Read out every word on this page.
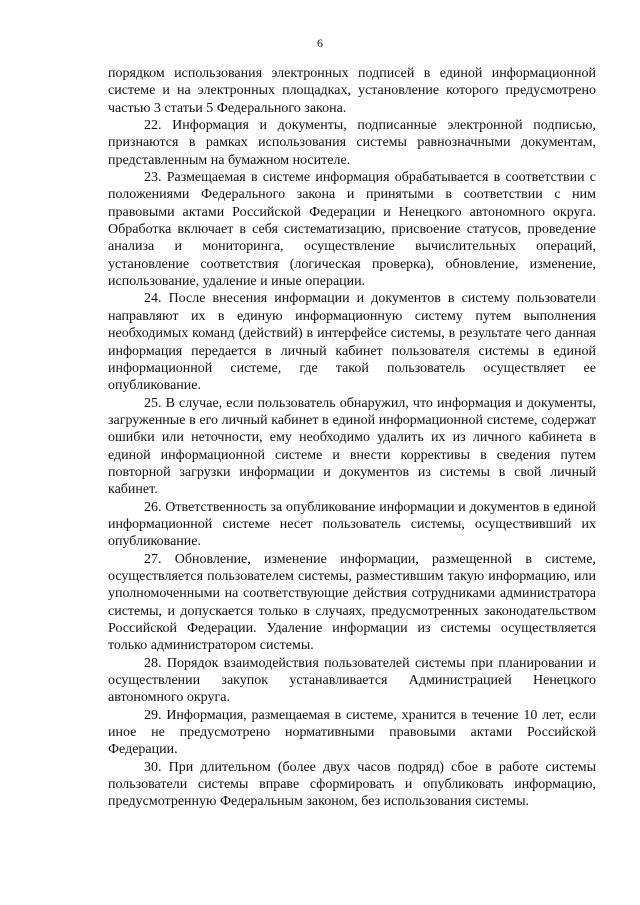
6

порядком использования электронных подписей в единой информационной системе и на электронных площадках, установление которого предусмотрено частью 3 статьи 5 Федерального закона.

22. Информация и документы, подписанные электронной подписью, признаются в рамках использования системы равнозначными документам, представленным на бумажном носителе.

23. Размещаемая в системе информация обрабатывается в соответствии с положениями Федерального закона и принятыми в соответствии с ним правовыми актами Российской Федерации и Ненецкого автономного округа. Обработка включает в себя систематизацию, присвоение статусов, проведение анализа и мониторинга, осуществление вычислительных операций, установление соответствия (логическая проверка), обновление, изменение, использование, удаление и иные операции.

24. После внесения информации и документов в систему пользователи направляют их в единую информационную систему путем выполнения необходимых команд (действий) в интерфейсе системы, в результате чего данная информация передается в личный кабинет пользователя системы в единой информационной системе, где такой пользователь осуществляет ее опубликование.

25. В случае, если пользователь обнаружил, что информация и документы, загруженные в его личный кабинет в единой информационной системе, содержат ошибки или неточности, ему необходимо удалить их из личного кабинета в единой информационной системе и внести коррективы в сведения путем повторной загрузки информации и документов из системы в свой личный кабинет.

26. Ответственность за опубликование информации и документов в единой информационной системе несет пользователь системы, осуществивший их опубликование.

27. Обновление, изменение информации, размещенной в системе, осуществляется пользователем системы, разместившим такую информацию, или уполномоченными на соответствующие действия сотрудниками администратора системы, и допускается только в случаях, предусмотренных законодательством Российской Федерации. Удаление информации из системы осуществляется только администратором системы.

28. Порядок взаимодействия пользователей системы при планировании и осуществлении закупок устанавливается Администрацией Ненецкого автономного округа.

29. Информация, размещаемая в системе, хранится в течение 10 лет, если иное не предусмотрено нормативными правовыми актами Российской Федерации.

30. При длительном (более двух часов подряд) сбое в работе системы пользователи системы вправе сформировать и опубликовать информацию, предусмотренную Федеральным законом, без использования системы.
